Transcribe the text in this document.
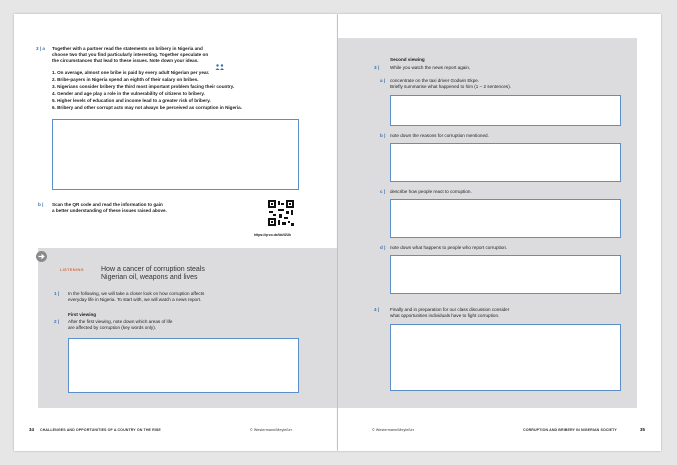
3 | a Together with a partner read the statements on bribery in Nigeria and
choose two that you find particularly interesting. Together speculate on
the circumstances that lead to these issues. Note down your ideas.
1. On average, almost one bribe is paid by every adult Nigerian per year.
2. Bribe-payers in Nigeria spend an eighth of their salary on bribes.
3. Nigerians consider bribery the third most important problem facing their country.
4. Gender and age play a role in the vulnerability of citizens to bribery.
5. Higher levels of education and income lead to a greater risk of bribery.
6. Bribery and other corrupt acts may not always be perceived as corruption in Nigeria.
b | Scan the QR code and read the information to gain
a better understanding of these issues raised above.
https://qrco.de/bb/t2Uh
LISTENING How a cancer of corruption steals
Nigerian oil, weapons and lives
1 | In the following, we will take a closer look on how corruption affects
everyday life in Nigeria. To start with, we will watch a news report.
First viewing
2 | After the first viewing, note down which areas of life
are affected by corruption (key words only).
34 CHALLENGES AND OPPORTUNITIES OF A COUNTRY ON THE RISE	© Westermann/Meyleßer
Second viewing
3 | While you watch the news report again,
a | concentrate on the taxi driver Godwin Ekpe.
Briefly summarise what happened to him (1 – 2 sentences).
b | note down the reasons for corruption mentioned.
c | describe how people react to corruption.
d | note down what happens to people who report corruption.
4 | Finally and in preparation for our class discussion consider
what opportunities individuals have to fight corruption.
© Westermann/Meyleßer	CORRUPTION AND BRIBERY IN NIGERIAN SOCIETY	35
